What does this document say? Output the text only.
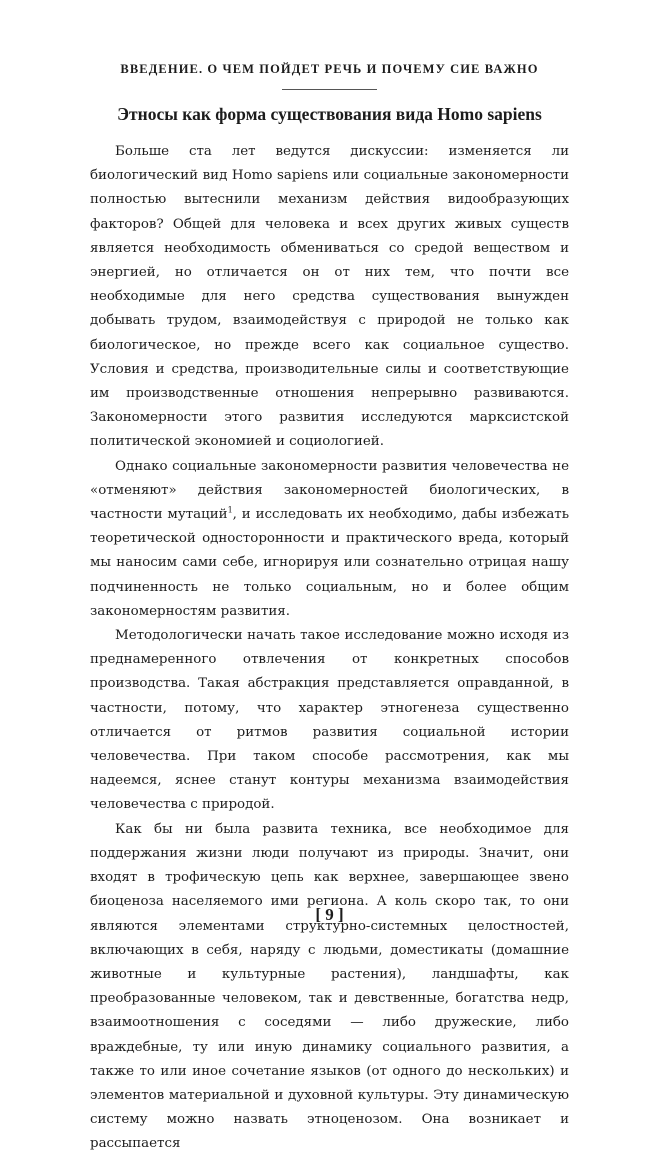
ВВЕДЕНИЕ. О ЧЕМ ПОЙДЕТ РЕЧЬ И ПОЧЕМУ СИЕ ВАЖНО
Этносы как форма существования вида Homo sapiens

Больше ста лет ведутся дискуссии: изменяется ли биологический вид Homo sapiens или социальные закономерности полностью вытеснили механизм действия видообразующих факторов? Общей для человека и всех других живых существ является необходимость обмениваться со средой веществом и энергией, но отличается он от них тем, что почти все необходимые для него средства существования вынужден добывать трудом, взаимодействуя с природой не только как биологическое, но прежде всего как социальное существо. Условия и средства, производительные силы и соответствующие им производственные отношения непрерывно развиваются. Закономерности этого развития исследуются марксистской политической экономией и социологией.

Однако социальные закономерности развития человечества не «отменяют» действия закономерностей биологических, в частности мутаций$^1$, и исследовать их необходимо, дабы избежать теоретической односторонности и практического вреда, который мы наносим сами себе, игнорируя или сознательно отрицая нашу подчиненность не только социальным, но и более общим закономерностям развития.

Методологически начать такое исследование можно исходя из преднамеренного отвлечения от конкретных способов производства. Такая абстракция представляется оправданной, в частности, потому, что характер этногенеза существенно отличается от ритмов развития социальной истории человечества. При таком способе рассмотрения, как мы надеемся, яснее станут контуры механизма взаимодействия человечества с природой.

Как бы ни была развита техника, все необходимое для поддержания жизни люди получают из природы. Значит, они входят в трофическую цепь как верхнее, завершающее звено биоценоза населяемого ими региона. А коль скоро так, то они являются элементами структурно-системных целостностей, включающих в себя, наряду с людьми, доместикаты (домашние животные и культурные растения), ландшафты, как преобразованные человеком, так и девственные, богатства недр, взаимоотношения с соседями — либо дружеские, либо враждебные, ту или иную динамику социального развития, а также то или иное сочетание языков (от одного до нескольких) и элементов материальной и духовной культуры. Эту динамическую систему можно назвать этноценозом. Она возникает и рассыпается

[ 9 ]
